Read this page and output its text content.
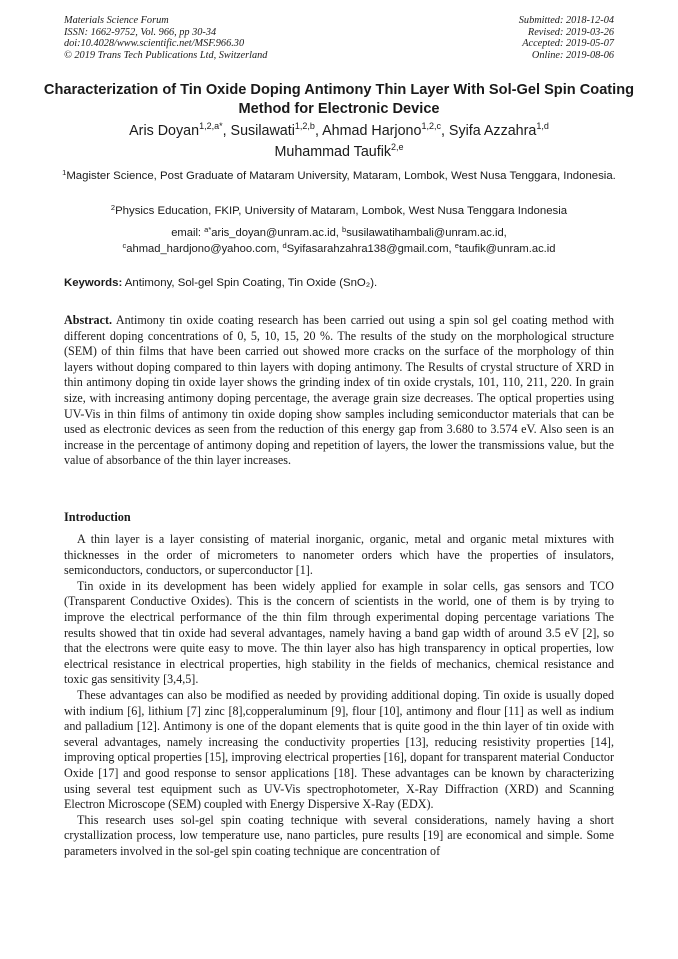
Materials Science Forum
ISSN: 1662-9752, Vol. 966, pp 30-34
doi:10.4028/www.scientific.net/MSF.966.30
© 2019 Trans Tech Publications Ltd, Switzerland
Submitted: 2018-12-04
Revised: 2019-03-26
Accepted: 2019-05-07
Online: 2019-08-06
Characterization of Tin Oxide Doping Antimony Thin Layer With Sol-Gel Spin Coating Method for Electronic Device
Aris Doyan$^{1,2,a*}$, Susilawati$^{1,2,b}$, Ahmad Harjono$^{1,2,c}$, Syifa Azzahra$^{1,d}$
Muhammad Taufik$^{2,e}$
$^1$Magister Science, Post Graduate of Mataram University, Mataram, Lombok, West Nusa Tenggara, Indonesia.
$^2$Physics Education, FKIP, University of Mataram, Lombok, West Nusa Tenggara Indonesia
email: $^{a*}$aris_doyan@unram.ac.id, $^b$susilawatihambali@unram.ac.id,
$^c$ahmad_hardjono@yahoo.com, $^d$Syifasarahzahra138@gmail.com, $^e$taufik@unram.ac.id
Keywords: Antimony, Sol-gel Spin Coating, Tin Oxide (SnO₂).
Abstract. Antimony tin oxide coating research has been carried out using a spin sol gel coating method with different doping concentrations of 0, 5, 10, 15, 20 %. The results of the study on the morphological structure (SEM) of thin films that have been carried out showed more cracks on the surface of the morphology of thin layers without doping compared to thin layers with doping antimony. The Results of crystal structure of XRD in thin antimony doping tin oxide layer shows the grinding index of tin oxide crystals, 101, 110, 211, 220. In grain size, with increasing antimony doping percentage, the average grain size decreases. The optical properties using UV-Vis in thin films of antimony tin oxide doping show samples including semiconductor materials that can be used as electronic devices as seen from the reduction of this energy gap from 3.680 to 3.574 eV. Also seen is an increase in the percentage of antimony doping and repetition of layers, the lower the transmissions value, but the value of absorbance of the thin layer increases.
Introduction

A thin layer is a layer consisting of material inorganic, organic, metal and organic metal mixtures with thicknesses in the order of micrometers to nanometer orders which have the properties of insulators, semiconductors, conductors, or superconductor [1].

Tin oxide in its development has been widely applied for example in solar cells, gas sensors and TCO (Transparent Conductive Oxides). This is the concern of scientists in the world, one of them is by trying to improve the electrical performance of the thin film through experimental doping percentage variations The results showed that tin oxide had several advantages, namely having a band gap width of around 3.5 eV [2], so that the electrons were quite easy to move. The thin layer also has high transparency in optical properties, low electrical resistance in electrical properties, high stability in the fields of mechanics, chemical resistance and toxic gas sensitivity [3,4,5].

These advantages can also be modified as needed by providing additional doping. Tin oxide is usually doped with indium [6], lithium [7] zinc [8],copperaluminum [9], flour [10], antimony and flour [11] as well as indium and palladium [12]. Antimony is one of the dopant elements that is quite good in the thin layer of tin oxide with several advantages, namely increasing the conductivity properties [13], reducing resistivity properties [14], improving optical properties [15], improving electrical properties [16], dopant for transparent material Conductor Oxide [17] and good response to sensor applications [18]. These advantages can be known by characterizing using several test equipment such as UV-Vis spectrophotometer, X-Ray Diffraction (XRD) and Scanning Electron Microscope (SEM) coupled with Energy Dispersive X-Ray (EDX).

This research uses sol-gel spin coating technique with several considerations, namely having a short crystallization process, low temperature use, nano particles, pure results [19] are economical and simple. Some parameters involved in the sol-gel spin coating technique are concentration of
